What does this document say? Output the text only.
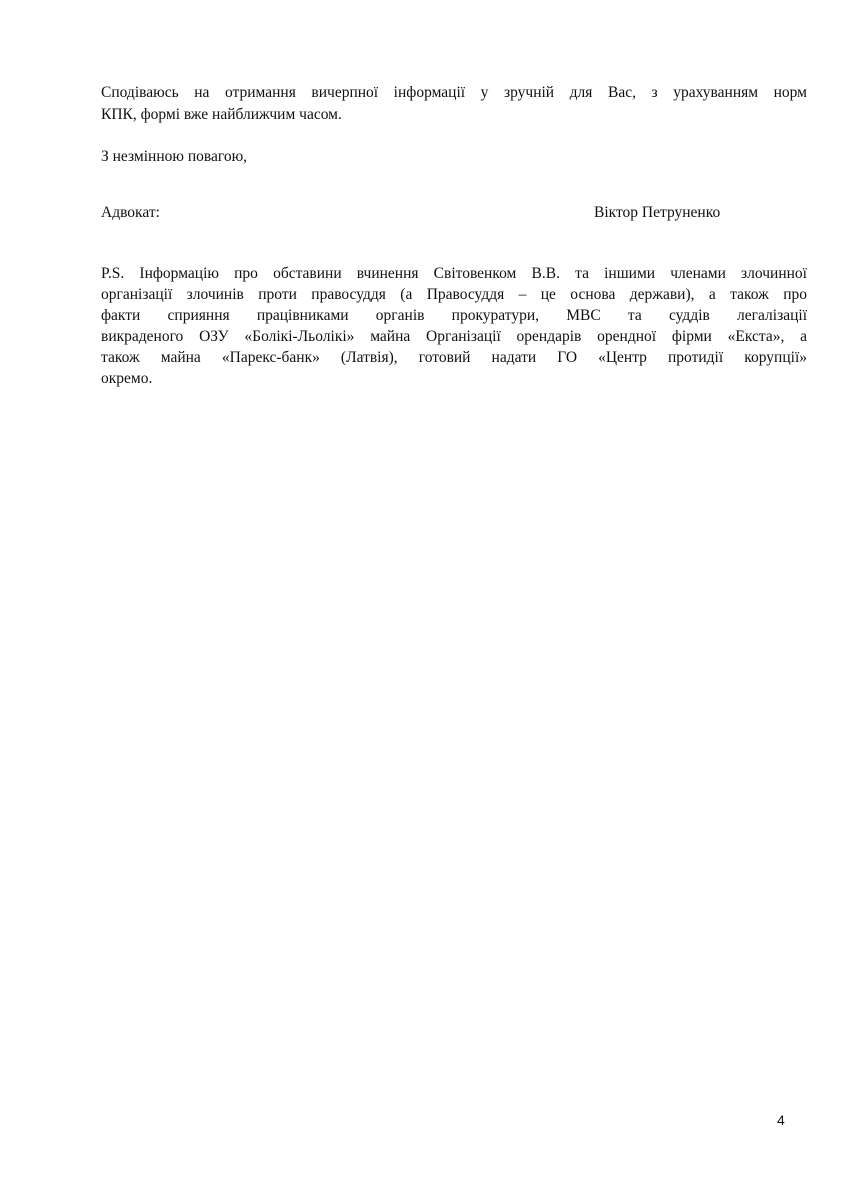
Сподіваюсь на отримання вичерпної інформації у зручній для Вас, з урахуванням норм

КПК, формі вже найближчим часом.

З незмінною повагою,

Адвокат:	Віктор Петруненко

P.S. Інформацію про обставини вчинення Світовенком В.В. та іншими членами злочинної

організації злочинів проти правосуддя (а Правосуддя – це основа держави), а також про

факти сприяння працівниками органів прокуратури, МВС та суддів легалізації

викраденого ОЗУ «Болікі-Льолікі» майна Організації орендарів орендної фірми «Екста», а

також майна «Парекс-банк» (Латвія), готовий надати ГО «Центр протидії корупції»

окремо.

4
